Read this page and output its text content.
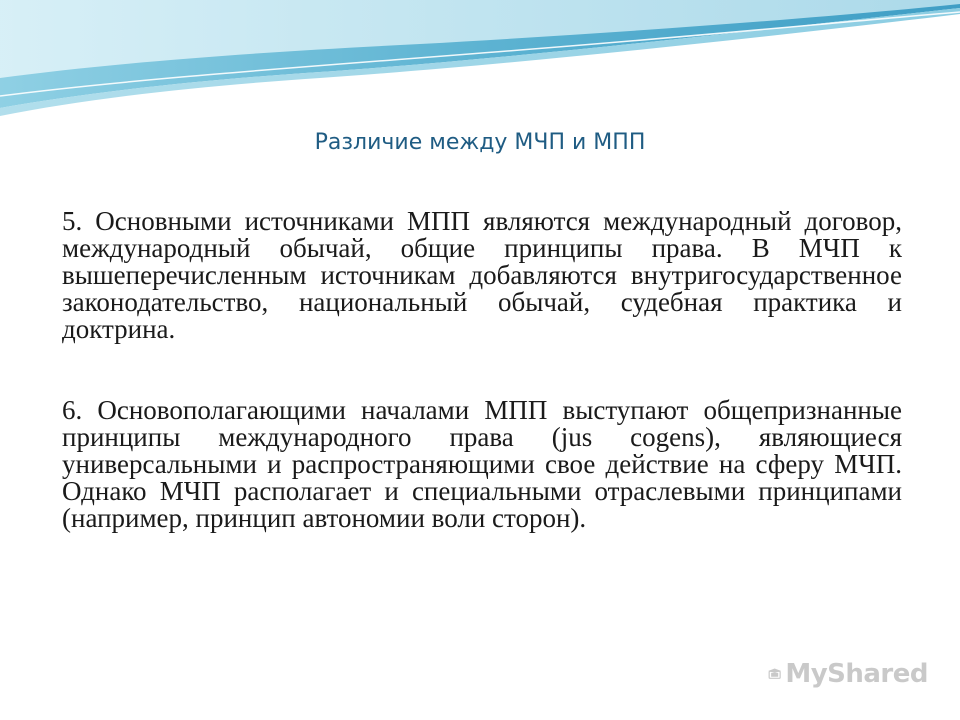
Различие между МЧП и МПП

5. Основными источниками МПП являются международный договор, международный обычай, общие принципы права. В МЧП к вышеперечисленным источникам добавляются внутригосударственное законодательство, национальный обычай, судебная практика и доктрина.

6. Основополагающими началами МПП выступают общепризнанные принципы международного права (jus cogens), являющиеся универсальными и распространяющими свое действие на сферу МЧП. Однако МЧП располагает и специальными отраслевыми принципами (например, принцип автономии воли сторон).

MyShared
